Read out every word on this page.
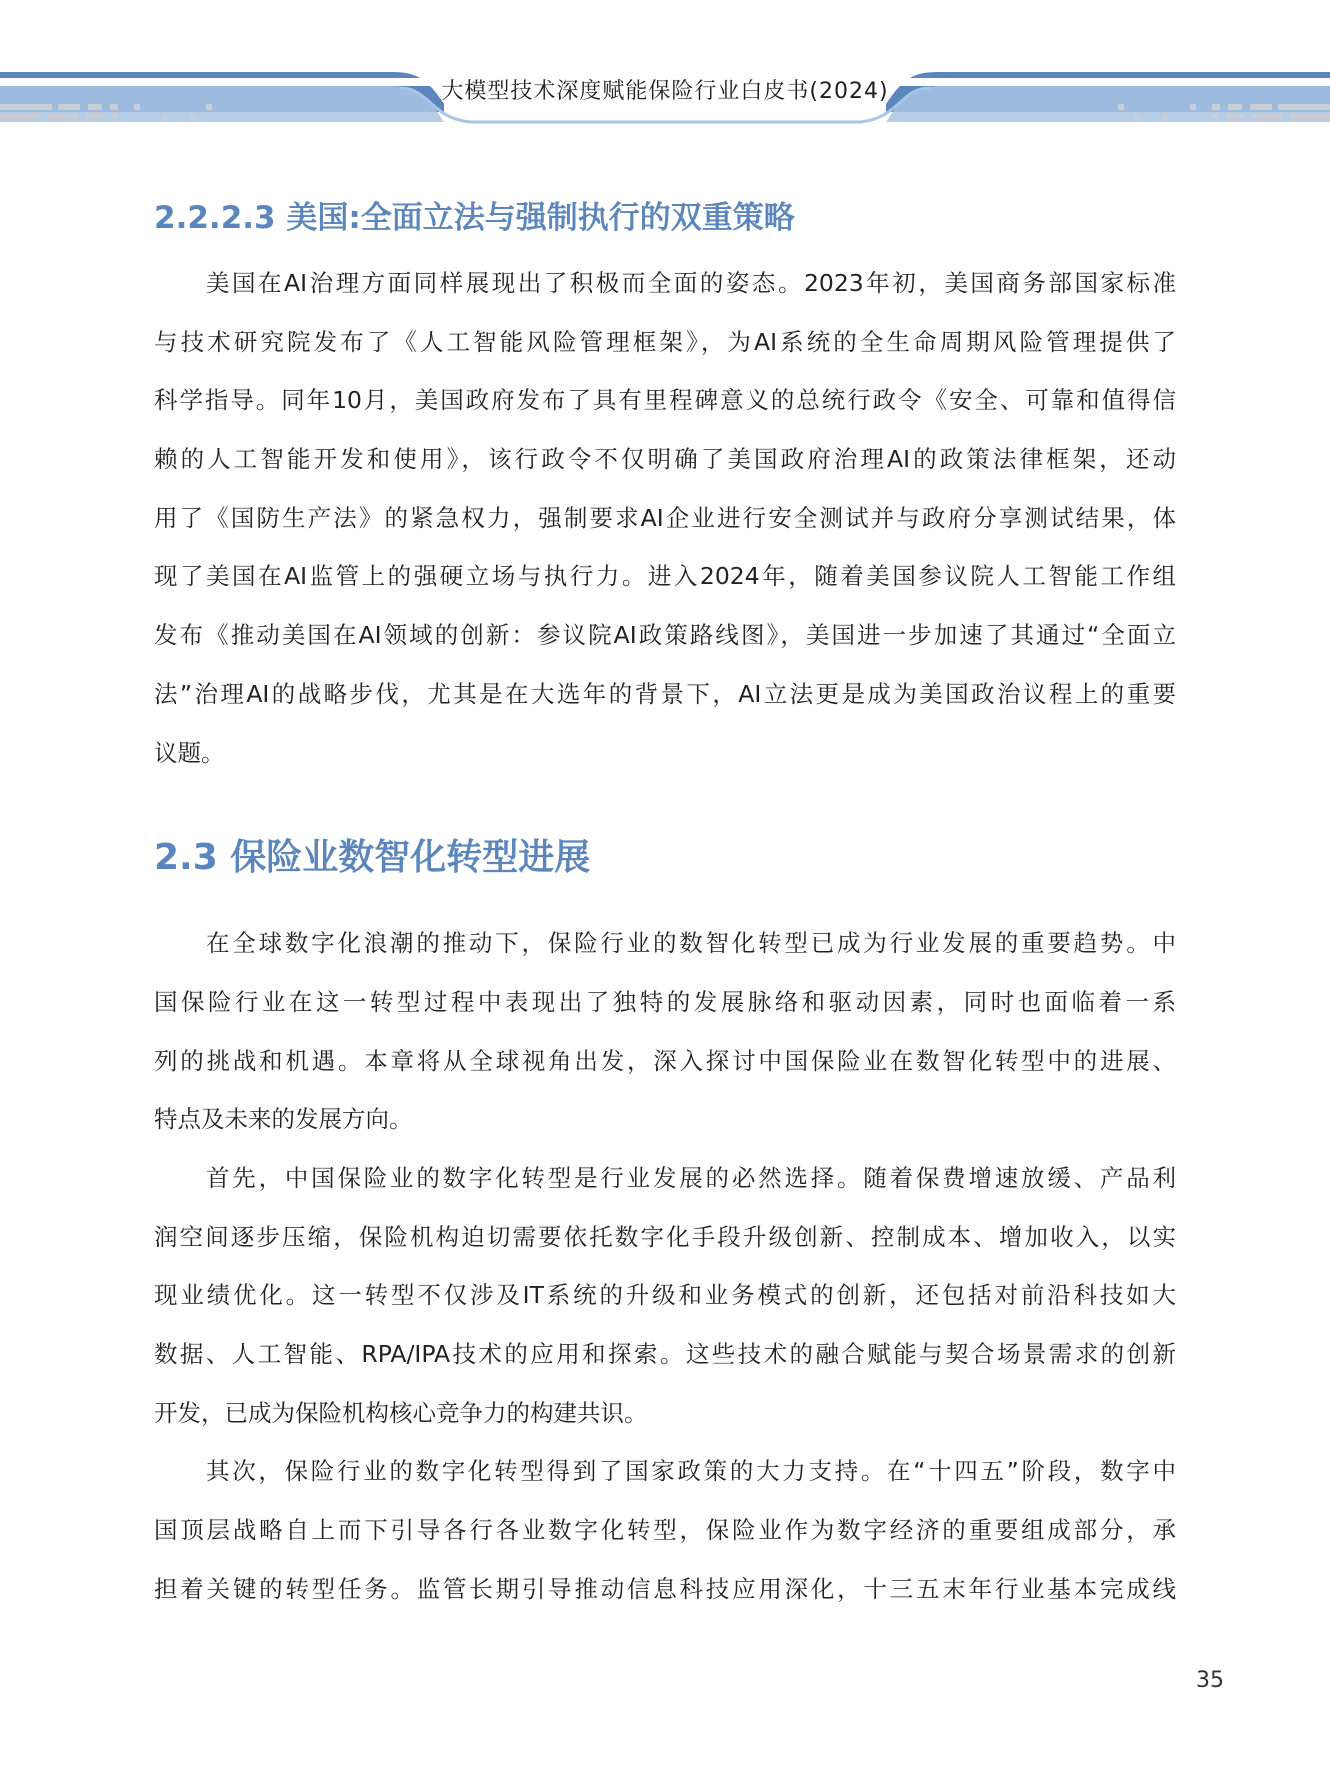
大模型技术深度赋能保险行业白皮书(2024)
2.2.2.3 美国:全面立法与强制执行的双重策略
美国在AI治理方面同样展现出了积极而全面的姿态。2023年初，美国商务部国家标准
与技术研究院发布了《人工智能风险管理框架》，为AI系统的全生命周期风险管理提供了
科学指导。同年10月，美国政府发布了具有里程碑意义的总统行政令《安全、可靠和值得信
赖的人工智能开发和使用》，该行政令不仅明确了美国政府治理AI的政策法律框架，还动
用了《国防生产法》的紧急权力，强制要求AI企业进行安全测试并与政府分享测试结果，体
现了美国在AI监管上的强硬立场与执行力。进入2024年，随着美国参议院人工智能工作组
发布《推动美国在AI领域的创新：参议院AI政策路线图》，美国进一步加速了其通过“全面立
法”治理AI的战略步伐，尤其是在大选年的背景下，AI立法更是成为美国政治议程上的重要
议题。
2.3 保险业数智化转型进展
在全球数字化浪潮的推动下，保险行业的数智化转型已成为行业发展的重要趋势。中
国保险行业在这一转型过程中表现出了独特的发展脉络和驱动因素，同时也面临着一系
列的挑战和机遇。本章将从全球视角出发，深入探讨中国保险业在数智化转型中的进展、
特点及未来的发展方向。
首先，中国保险业的数字化转型是行业发展的必然选择。随着保费增速放缓、产品利
润空间逐步压缩，保险机构迫切需要依托数字化手段升级创新、控制成本、增加收入，以实
现业绩优化。这一转型不仅涉及IT系统的升级和业务模式的创新，还包括对前沿科技如大
数据、人工智能、RPA/IPA技术的应用和探索。这些技术的融合赋能与契合场景需求的创新
开发，已成为保险机构核心竞争力的构建共识。
其次，保险行业的数字化转型得到了国家政策的大力支持。在“十四五”阶段，数字中
国顶层战略自上而下引导各行各业数字化转型，保险业作为数字经济的重要组成部分，承
担着关键的转型任务。监管长期引导推动信息科技应用深化，十三五末年行业基本完成线
35
